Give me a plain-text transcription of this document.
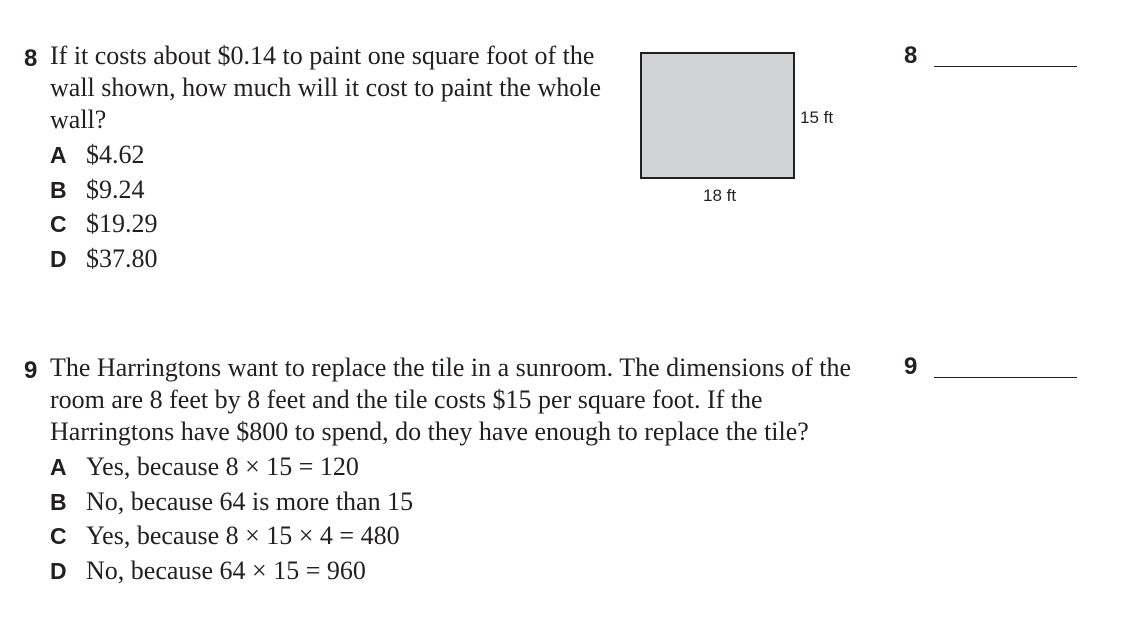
8 If it costs about $0.14 to paint one square foot of the wall shown, how much will it cost to paint the whole wall?
A $4.62
B $9.24
C $19.29
D $37.80
15 ft
18 ft
8
9 The Harringtons want to replace the tile in a sunroom. The dimensions of the room are 8 feet by 8 feet and the tile costs $15 per square foot. If the Harringtons have $800 to spend, do they have enough to replace the tile?
A Yes, because 8 × 15 = 120
B No, because 64 is more than 15
C Yes, because 8 × 15 × 4 = 480
D No, because 64 × 15 = 960
9
